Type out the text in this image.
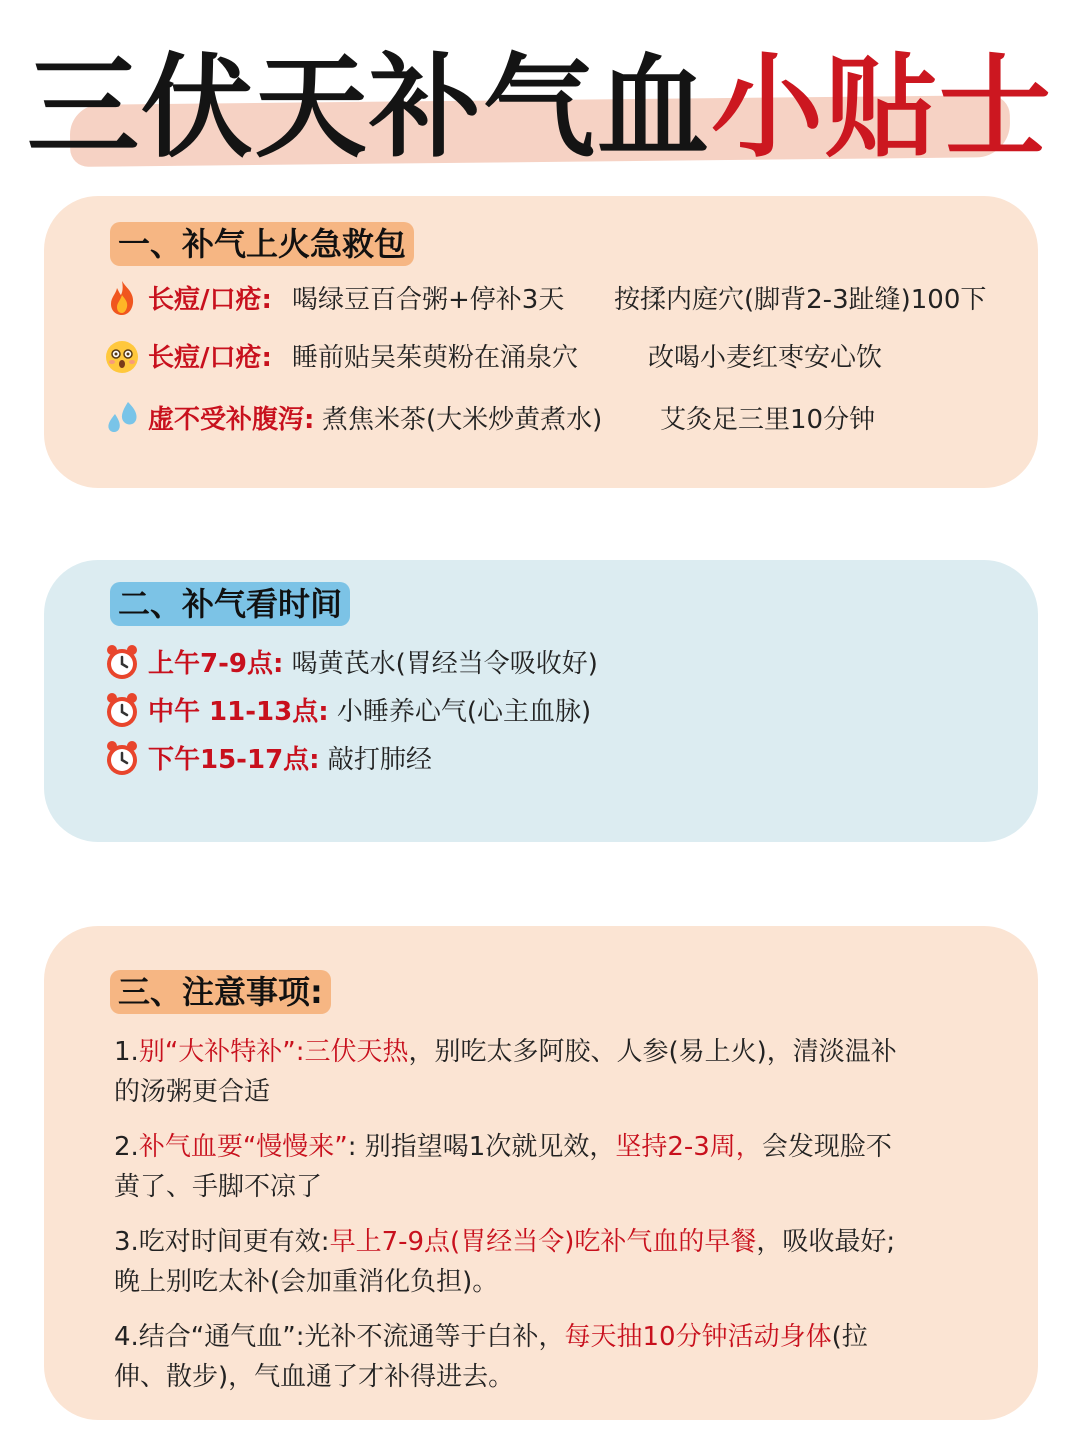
三伏天补气血小贴士
一、补气上火急救包
长痘/口疮: 喝绿豆百合粥+停补3天 按揉内庭穴(脚背2-3趾缝)100下
长痘/口疮: 睡前贴吴茱萸粉在涌泉穴	改喝小麦红枣安心饮
虚不受补腹泻: 煮焦米茶(大米炒黄煮水) 艾灸足三里10分钟
二、补气看时间
上午7-9点: 喝黄芪水(胃经当令吸收好)
中午 11-13点: 小睡养心气(心主血脉)
下午15-17点: 敲打肺经
三、注意事项:
1.别“大补特补”:三伏天热，别吃太多阿胶、人参(易上火)，清淡温补的汤粥更合适
2.补气血要“慢慢来”: 别指望喝1次就见效，坚持2-3周，会发现脸不黄了、手脚不凉了
3.吃对时间更有效:早上7-9点(胃经当令)吃补气血的早餐，吸收最好;晚上别吃太补(会加重消化负担)。
4.结合“通气血”:光补不流通等于白补，每天抽10分钟活动身体(拉伸、散步)，气血通了才补得进去。
